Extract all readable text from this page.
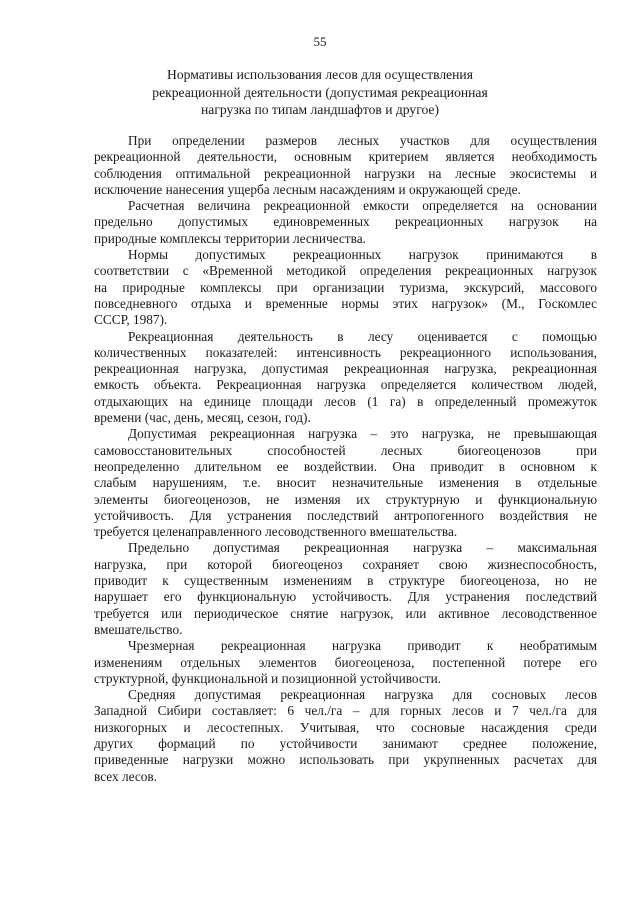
55
Нормативы использования лесов для осуществления
рекреационной деятельности (допустимая рекреационная
нагрузка по типам ландшафтов и другое)

При определении размеров лесных участков для осуществления
рекреационной деятельности, основным критерием является необходимость
соблюдения оптимальной рекреационной нагрузки на лесные экосистемы и
исключение нанесения ущерба лесным насаждениям и окружающей среде.

Расчетная величина рекреационной емкости определяется на основании
предельно допустимых единовременных рекреационных нагрузок на
природные комплексы территории лесничества.

Нормы допустимых рекреационных нагрузок принимаются в
соответствии с «Временной методикой определения рекреационных нагрузок
на природные комплексы при организации туризма, экскурсий, массового
повседневного отдыха и временные нормы этих нагрузок» (М., Госкомлес
СССР, 1987).

Рекреационная деятельность в лесу оценивается с помощью
количественных показателей: интенсивность рекреационного использования,
рекреационная нагрузка, допустимая рекреационная нагрузка, рекреационная
емкость объекта. Рекреационная нагрузка определяется количеством людей,
отдыхающих на единице площади лесов (1 га) в определенный промежуток
времени (час, день, месяц, сезон, год).

Допустимая рекреационная нагрузка – это нагрузка, не превышающая
самовосстановительных способностей лесных биогеоценозов при
неопределенно длительном ее воздействии. Она приводит в основном к
слабым нарушениям, т.е. вносит незначительные изменения в отдельные
элементы биогеоценозов, не изменяя их структурную и функциональную
устойчивость. Для устранения последствий антропогенного воздействия не
требуется целенаправленного лесоводственного вмешательства.

Предельно допустимая рекреационная нагрузка – максимальная
нагрузка, при которой биогеоценоз сохраняет свою жизнеспособность,
приводит к существенным изменениям в структуре биогеоценоза, но не
нарушает его функциональную устойчивость. Для устранения последствий
требуется или периодическое снятие нагрузок, или активное лесоводственное
вмешательство.

Чрезмерная рекреационная нагрузка приводит к необратимым
изменениям отдельных элементов биогеоценоза, постепенной потере его
структурной, функциональной и позиционной устойчивости.

Средняя допустимая рекреационная нагрузка для сосновых лесов
Западной Сибири составляет: 6 чел./га – для горных лесов и 7 чел./га для
низкогорных и лесостепных. Учитывая, что сосновые насаждения среди
других формаций по устойчивости занимают среднее положение,
приведенные нагрузки можно использовать при укрупненных расчетах для
всех лесов.
